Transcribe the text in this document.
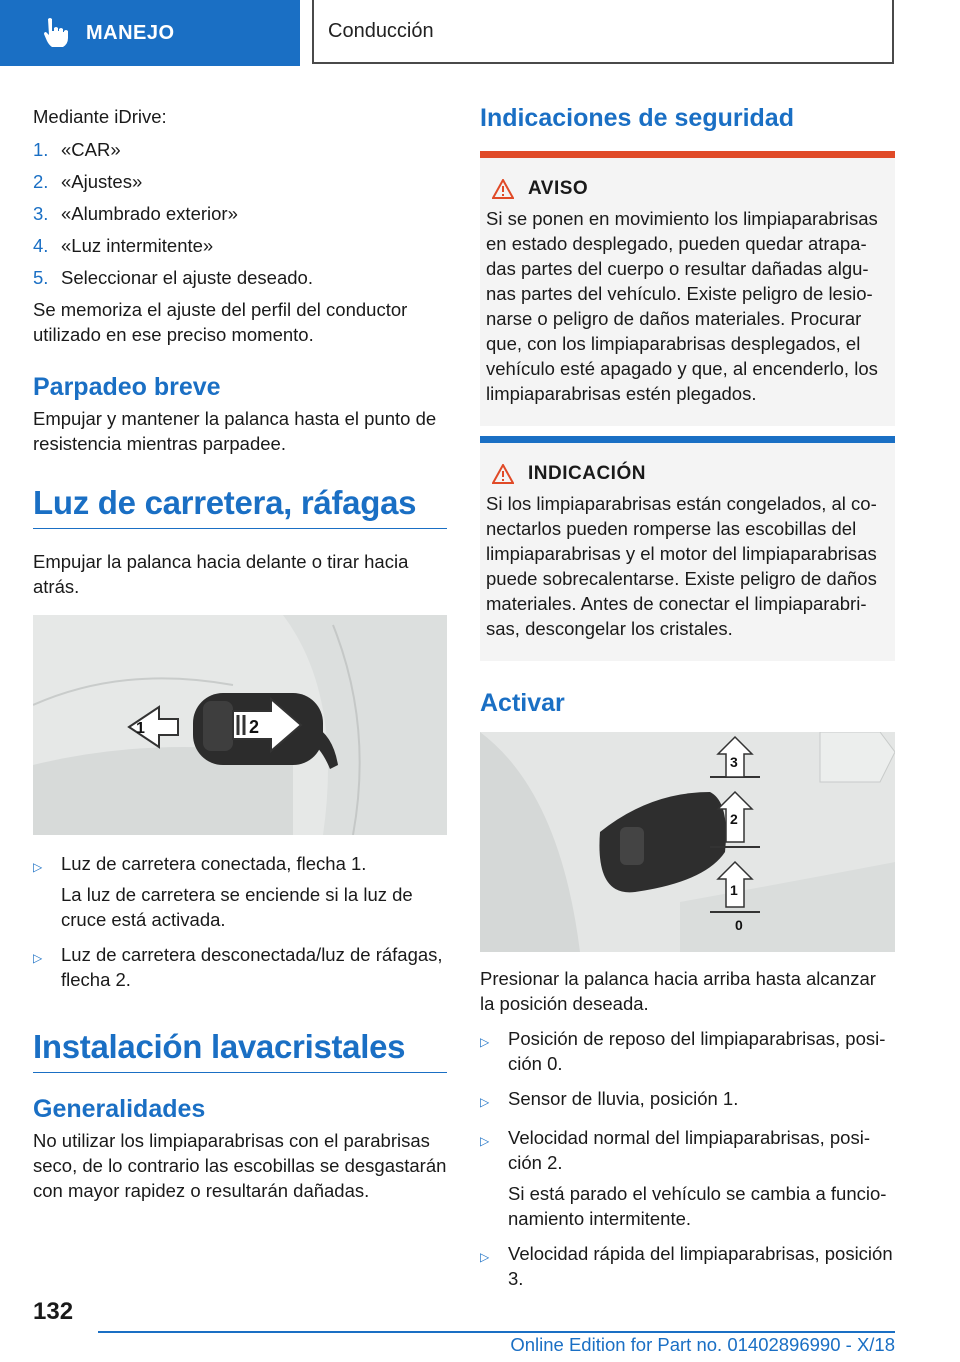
MANEJO	Conducción

Mediante iDrive:

1. «CAR»
2. «Ajustes»
3. «Alumbrado exterior»
4. «Luz intermitente»
5. Seleccionar el ajuste deseado.

Se memoriza el ajuste del perfil del conductor utilizado en ese preciso momento.

Parpadeo breve

Empujar y mantener la palanca hasta el punto de resistencia mientras parpadee.

Luz de carretera, ráfagas

Empujar la palanca hacia delante o tirar hacia atrás.

1	2
▷	Luz de carretera conectada, flecha 1.
La luz de carretera se enciende si la luz de cruce está activada.
▷	Luz de carretera desconectada/luz de ráfagas, flecha 2.
Instalación lavacristales
Generalidades

No utilizar los limpiaparabrisas con el parabrisas seco, de lo contrario las escobillas se desgastarán con mayor rapidez o resultarán dañadas.

Indicaciones de seguridad
AVISO

Si se ponen en movimiento los limpiaparabrisas en estado desplegado, pueden quedar atrapadas partes del cuerpo o resultar dañadas algunas partes del vehículo. Existe peligro de lesionarse o peligro de daños materiales. Procurar que, con los limpiaparabrisas desplegados, el vehículo esté apagado y que, al encenderlo, los limpiaparabrisas estén plegados.

INDICACIÓN

Si los limpiaparabrisas están congelados, al conectarlos pueden romperse las escobillas del limpiaparabrisas y el motor del limpiaparabrisas puede sobrecalentarse. Existe peligro de daños materiales. Antes de conectar el limpiaparabrisas, descongelar los cristales.

Activar
3
2
1
0

Presionar la palanca hacia arriba hasta alcanzar la posición deseada.

▷	Posición de reposo del limpiaparabrisas, posición 0.
▷	Sensor de lluvia, posición 1.
▷	Velocidad normal del limpiaparabrisas, posición 2.
Si está parado el vehículo se cambia a funcionamiento intermitente.
▷	Velocidad rápida del limpiaparabrisas, posición 3.
132
Online Edition for Part no. 01402896990 - X/18
